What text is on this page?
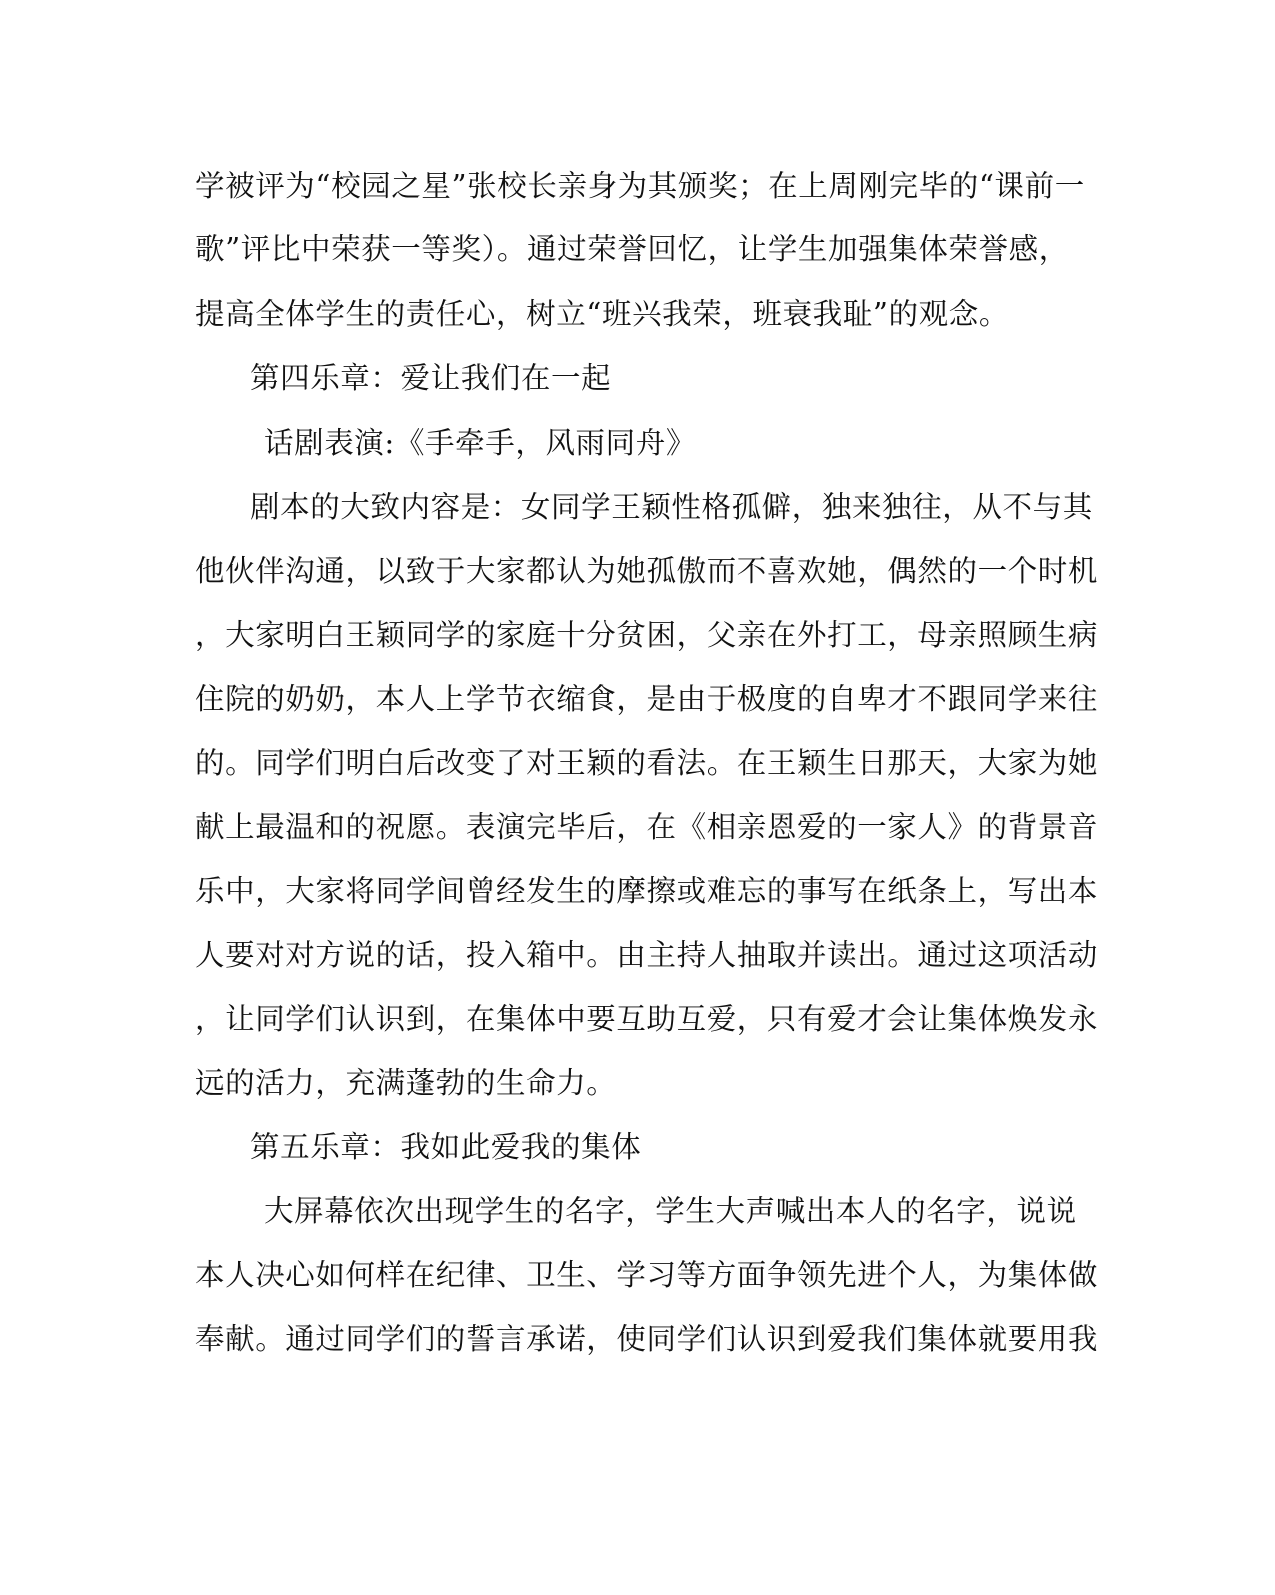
学被评为“校园之星”张校长亲身为其颁奖；在上周刚完毕的“课前一
歌”评比中荣获一等奖）。通过荣誉回忆，让学生加强集体荣誉感，
提高全体学生的责任心，树立“班兴我荣，班衰我耻”的观念。
第四乐章：爱让我们在一起
话剧表演:《手牵手，风雨同舟》
剧本的大致内容是：女同学王颖性格孤僻，独来独往，从不与其
他伙伴沟通，以致于大家都认为她孤傲而不喜欢她，偶然的一个时机
，大家明白王颖同学的家庭十分贫困，父亲在外打工，母亲照顾生病
住院的奶奶，本人上学节衣缩食，是由于极度的自卑才不跟同学来往
的。同学们明白后改变了对王颖的看法。在王颖生日那天，大家为她
献上最温和的祝愿。表演完毕后，在《相亲恩爱的一家人》的背景音
乐中，大家将同学间曾经发生的摩擦或难忘的事写在纸条上，写出本
人要对对方说的话，投入箱中。由主持人抽取并读出。通过这项活动
，让同学们认识到，在集体中要互助互爱，只有爱才会让集体焕发永
远的活力，充满蓬勃的生命力。
第五乐章：我如此爱我的集体
大屏幕依次出现学生的名字，学生大声喊出本人的名字，说说
本人决心如何样在纪律、卫生、学习等方面争领先进个人，为集体做
奉献。通过同学们的誓言承诺，使同学们认识到爱我们集体就要用我
